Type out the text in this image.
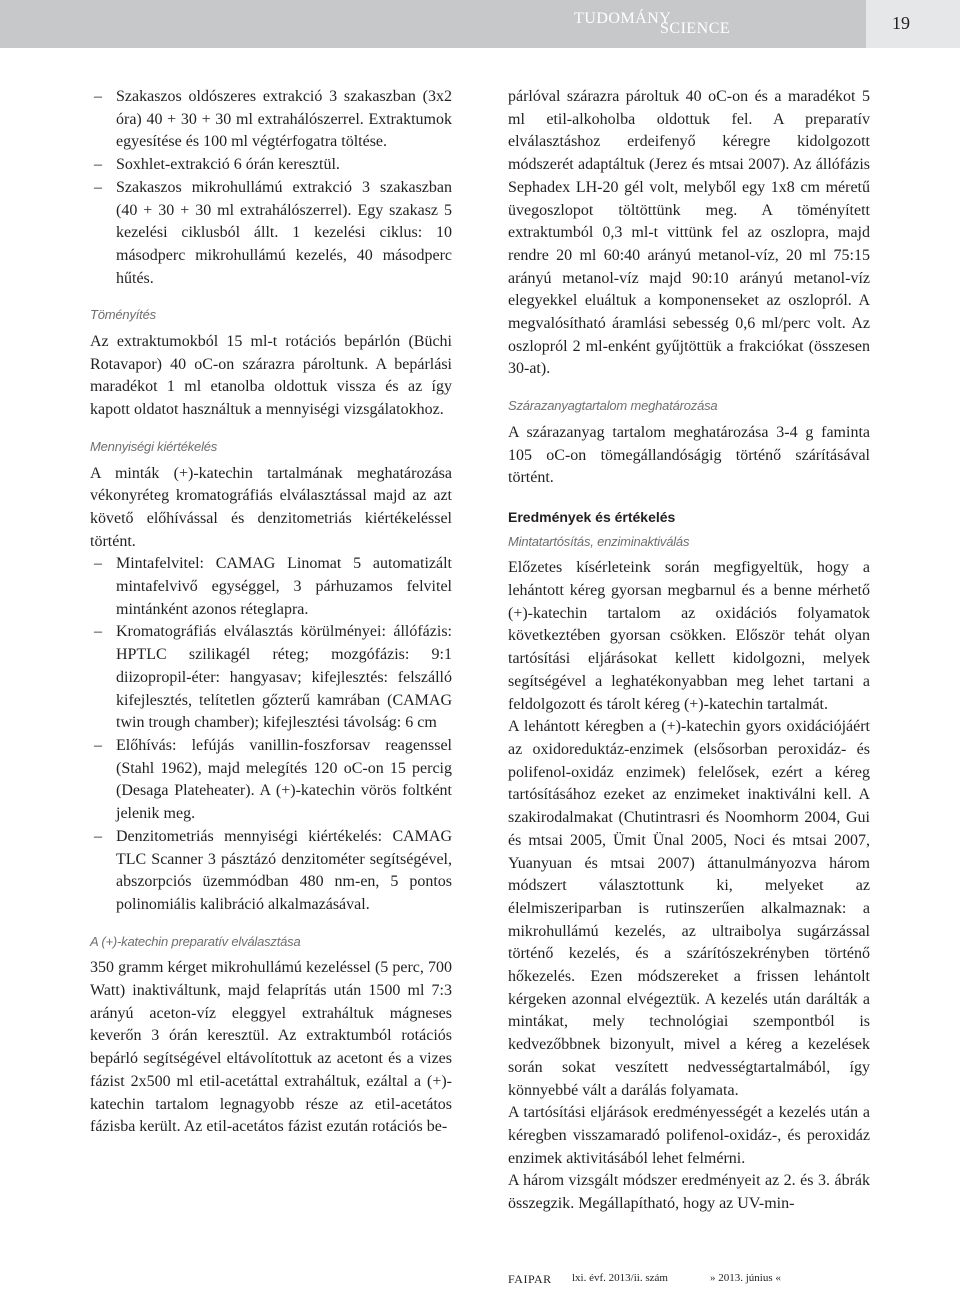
TUDOMÁNY
SCIENCE	19

– Szakaszos oldószeres extrakció 3 szakaszban (3x2 óra) 40 + 30 + 30 ml extrahálószerrel. Extraktumok egyesítése és 100 ml végtérfogatra töltése.

– Soxhlet-extrakció 6 órán keresztül.

– Szakaszos mikrohullámú extrakció 3 szakaszban (40 + 30 + 30 ml extrahálószerrel). Egy szakasz 5 kezelési ciklusból állt. 1 kezelési ciklus: 10 másodperc mikrohullámú kezelés, 40 másodperc hűtés.

Töményítés

Az extraktumokból 15 ml-t rotációs bepárlón (Büchi Rotavapor) 40 oC-on szárazra pároltunk. A bepárlási maradékot 1 ml etanolba oldottuk vissza és az így kapott oldatot használtuk a mennyiségi vizsgálatokhoz.

Mennyiségi kiértékelés

A minták (+)-katechin tartalmának meghatározása vékonyréteg kromatográfiás elválasztással majd az azt követő előhívással és denzitometriás kiértékeléssel történt.

– Mintafelvitel: CAMAG Linomat 5 automatizált mintafelvivő egységgel, 3 párhuzamos felvitel mintánként azonos réteglapra.

– Kromatográfiás elválasztás körülményei: állófázis: HPTLC szilikagél réteg; mozgófázis: 9:1 diizopropil-éter: hangyasav; kifejlesztés: felszálló kifejlesztés, telítetlen gőzterű kamrában (CAMAG twin trough chamber); kifejlesztési távolság: 6 cm

– Előhívás: lefújás vanillin-foszforsav reagenssel (Stahl 1962), majd melegítés 120 oC-on 15 percig (Desaga Plateheater). A (+)-katechin vörös foltként jelenik meg.

– Denzitometriás mennyiségi kiértékelés: CAMAG TLC Scanner 3 pásztázó denzitométer segítségével, abszorpciós üzemmódban 480 nm-en, 5 pontos polinomiális kalibráció alkalmazásával.

A (+)-katechin preparatív elválasztása

350 gramm kérget mikrohullámú kezeléssel (5 perc, 700 Watt) inaktiváltunk, majd felaprítás után 1500 ml 7:3 arányú aceton-víz eleggyel extraháltuk mágneses keverőn 3 órán keresztül. Az extraktumból rotációs bepárló segítségével eltávolítottuk az acetont és a vizes fázist 2x500 ml etil-acetáttal extraháltuk, ezáltal a (+)-katechin tartalom legnagyobb része az etil-acetátos fázisba került. Az etil-acetátos fázist ezután rotációs be-

párlóval szárazra pároltuk 40 oC-on és a maradékot 5 ml etil-alkoholba oldottuk fel. A preparatív elválasztáshoz erdeifenyő kéregre kidolgozott módszerét adaptáltuk (Jerez és mtsai 2007). Az állófázis Sephadex LH-20 gél volt, melyből egy 1x8 cm méretű üvegoszlopot töltöttünk meg. A töményített extraktumból 0,3 ml-t vittünk fel az oszlopra, majd rendre 20 ml 60:40 arányú metanol-víz, 20 ml 75:15 arányú metanol-víz majd 90:10 arányú metanol-víz elegyekkel eluáltuk a komponenseket az oszlopról. A megvalósítható áramlási sebesség 0,6 ml/perc volt. Az oszlopról 2 ml-enként gyűjtöttük a frakciókat (összesen 30-at).

Szárazanyagtartalom meghatározása

A szárazanyag tartalom meghatározása 3-4 g faminta 105 oC-on tömegállandóságig történő szárításával történt.

Eredmények és értékelés
Mintatartósítás, enziminaktiválás

Előzetes kísérleteink során megfigyeltük, hogy a lehántott kéreg gyorsan megbarnul és a benne mérhető (+)-katechin tartalom az oxidációs folyamatok következtében gyorsan csökken. Először tehát olyan tartósítási eljárásokat kellett kidolgozni, melyek segítségével a leghatékonyabban meg lehet tartani a feldolgozott és tárolt kéreg (+)-katechin tartalmát.

A lehántott kéregben a (+)-katechin gyors oxidációjáért az oxidoreduktáz-enzimek (elsősorban peroxidáz- és polifenol-oxidáz enzimek) felelősek, ezért a kéreg tartósításához ezeket az enzimeket inaktiválni kell. A szakirodalmakat (Chutintrasri és Noomhorm 2004, Gui és mtsai 2005, Ümit Ünal 2005, Noci és mtsai 2007, Yuanyuan és mtsai 2007) áttanulmányozva három módszert választottunk ki, melyeket az élelmiszeriparban is rutinszerűen alkalmaznak: a mikrohullámú kezelés, az ultraibolya sugárzással történő kezelés, és a szárítószekrényben történő hőkezelés. Ezen módszereket a frissen lehántolt kérgeken azonnal elvégeztük. A kezelés után darálták a mintákat, mely technológiai szempontból is kedvezőbbnek bizonyult, mivel a kéreg a kezelések során sokat veszített nedvességtartalmából, így könnyebbé vált a darálás folyamata.

A tartósítási eljárások eredményességét a kezelés után a kéregben visszamaradó polifenol-oxidáz-, és peroxidáz enzimek aktivitásából lehet felmérni.

A három vizsgált módszer eredményeit az 2. és 3. ábrák összegzik. Megállapítható, hogy az UV-min-

FAIPAR lxi. évf. 2013/ii. szám	» 2013. június «
